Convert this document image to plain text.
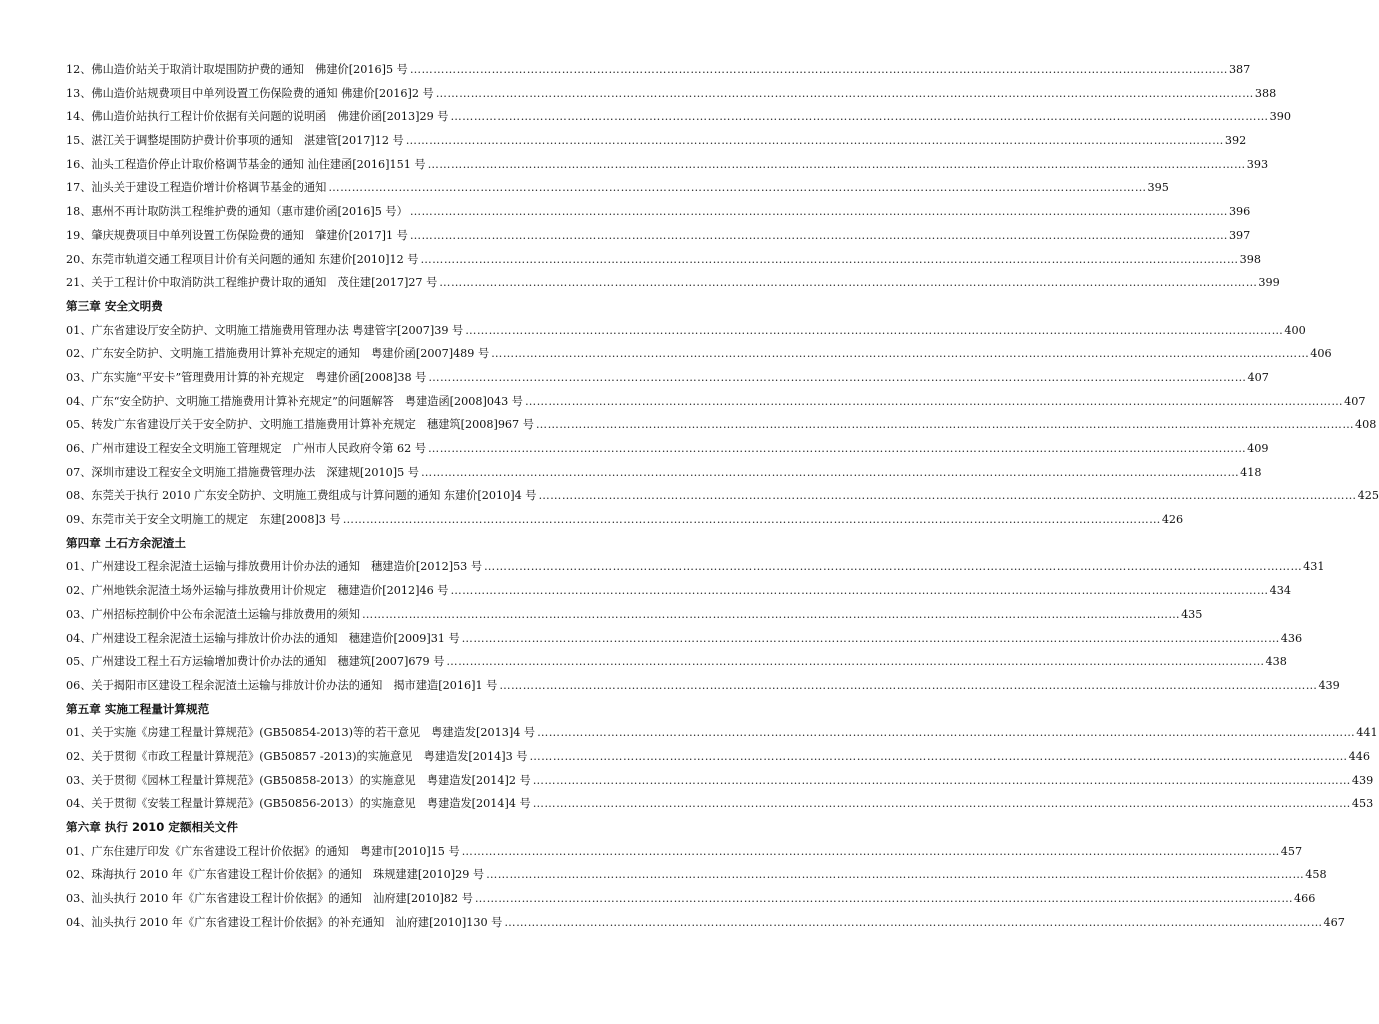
12、佛山造价站关于取消计取堤围防护费的通知　佛建价[2016]5 号 …………………………………………………………………………………………………………………………………………………………………………………………	387
13、佛山造价站规费项目中单列设置工伤保险费的通知 佛建价[2016]2 号 …………………………………………………………………………………………………………………………………………………………………………………………	388
14、佛山造价站执行工程计价依据有关问题的说明函　佛建价函[2013]29 号 …………………………………………………………………………………………………………………………………………………………………………………………	390
15、湛江关于调整堤围防护费计价事项的通知　湛建管[2017]12 号 …………………………………………………………………………………………………………………………………………………………………………………………	392
16、汕头工程造价停止计取价格调节基金的通知 汕住建函[2016]151 号 …………………………………………………………………………………………………………………………………………………………………………………………	393
17、汕头关于建设工程造价增计价格调节基金的通知 …………………………………………………………………………………………………………………………………………………………………………………………	395
18、惠州不再计取防洪工程维护费的通知（惠市建价函[2016]5 号） …………………………………………………………………………………………………………………………………………………………………………………………	396
19、肇庆规费项目中单列设置工伤保险费的通知　肇建价[2017]1 号 …………………………………………………………………………………………………………………………………………………………………………………………	397
20、东莞市轨道交通工程项目计价有关问题的通知 东建价[2010]12 号 …………………………………………………………………………………………………………………………………………………………………………………………	398
21、关于工程计价中取消防洪工程维护费计取的通知　茂住建[2017]27 号 …………………………………………………………………………………………………………………………………………………………………………………………	399
第三章 安全文明费
01、广东省建设厅安全防护、文明施工措施费用管理办法 粤建管字[2007]39 号 …………………………………………………………………………………………………………………………………………………………………………………………	400
02、广东安全防护、文明施工措施费用计算补充规定的通知　粤建价函[2007]489 号 …………………………………………………………………………………………………………………………………………………………………………………………	406
03、广东实施“平安卡”管理费用计算的补充规定　粤建价函[2008]38 号 …………………………………………………………………………………………………………………………………………………………………………………………	407
04、广东“安全防护、文明施工措施费用计算补充规定”的问题解答　粤建造函[2008]043 号 …………………………………………………………………………………………………………………………………………………………………………………………	407
05、转发广东省建设厅关于安全防护、文明施工措施费用计算补充规定　穗建筑[2008]967 号 …………………………………………………………………………………………………………………………………………………………………………………………	408
06、广州市建设工程安全文明施工管理规定　广州市人民政府令第 62 号 …………………………………………………………………………………………………………………………………………………………………………………………	409
07、深圳市建设工程安全文明施工措施费管理办法　深建规[2010]5 号 …………………………………………………………………………………………………………………………………………………………………………………………	418
08、东莞关于执行 2010 广东安全防护、文明施工费组成与计算问题的通知 东建价[2010]4 号 …………………………………………………………………………………………………………………………………………………………………………………………	425
09、东莞市关于安全文明施工的规定　东建[2008]3 号 …………………………………………………………………………………………………………………………………………………………………………………………	426
第四章 土石方余泥渣土
01、广州建设工程余泥渣土运输与排放费用计价办法的通知　穗建造价[2012]53 号 …………………………………………………………………………………………………………………………………………………………………………………………	431
02、广州地铁余泥渣土场外运输与排放费用计价规定　穗建造价[2012]46 号 …………………………………………………………………………………………………………………………………………………………………………………………	434
03、广州招标控制价中公布余泥渣土运输与排放费用的须知 …………………………………………………………………………………………………………………………………………………………………………………………	435
04、广州建设工程余泥渣土运输与排放计价办法的通知　穗建造价[2009]31 号 …………………………………………………………………………………………………………………………………………………………………………………………	436
05、广州建设工程土石方运输增加费计价办法的通知　穗建筑[2007]679 号 …………………………………………………………………………………………………………………………………………………………………………………………	438
06、关于揭阳市区建设工程余泥渣土运输与排放计价办法的通知　揭市建造[2016]1 号 …………………………………………………………………………………………………………………………………………………………………………………………	439
第五章 实施工程量计算规范
01、关于实施《房建工程量计算规范》(GB50854-2013)等的若干意见　粤建造发[2013]4 号 …………………………………………………………………………………………………………………………………………………………………………………………	441
02、关于贯彻《市政工程量计算规范》(GB50857 -2013)的实施意见　粤建造发[2014]3 号 …………………………………………………………………………………………………………………………………………………………………………………………	446
03、关于贯彻《园林工程量计算规范》(GB50858-2013）的实施意见　粤建造发[2014]2 号 …………………………………………………………………………………………………………………………………………………………………………………………	439
04、关于贯彻《安装工程量计算规范》(GB50856-2013）的实施意见　粤建造发[2014]4 号 …………………………………………………………………………………………………………………………………………………………………………………………	453
第六章 执行 2010 定额相关文件
01、广东住建厅印发《广东省建设工程计价依据》的通知　粤建市[2010]15 号 …………………………………………………………………………………………………………………………………………………………………………………………	457
02、珠海执行 2010 年《广东省建设工程计价依据》的通知　珠规建建[2010]29 号 …………………………………………………………………………………………………………………………………………………………………………………………	458
03、汕头执行 2010 年《广东省建设工程计价依据》的通知　汕府建[2010]82 号 …………………………………………………………………………………………………………………………………………………………………………………………	466
04、汕头执行 2010 年《广东省建设工程计价依据》的补充通知　汕府建[2010]130 号 …………………………………………………………………………………………………………………………………………………………………………………………	467
